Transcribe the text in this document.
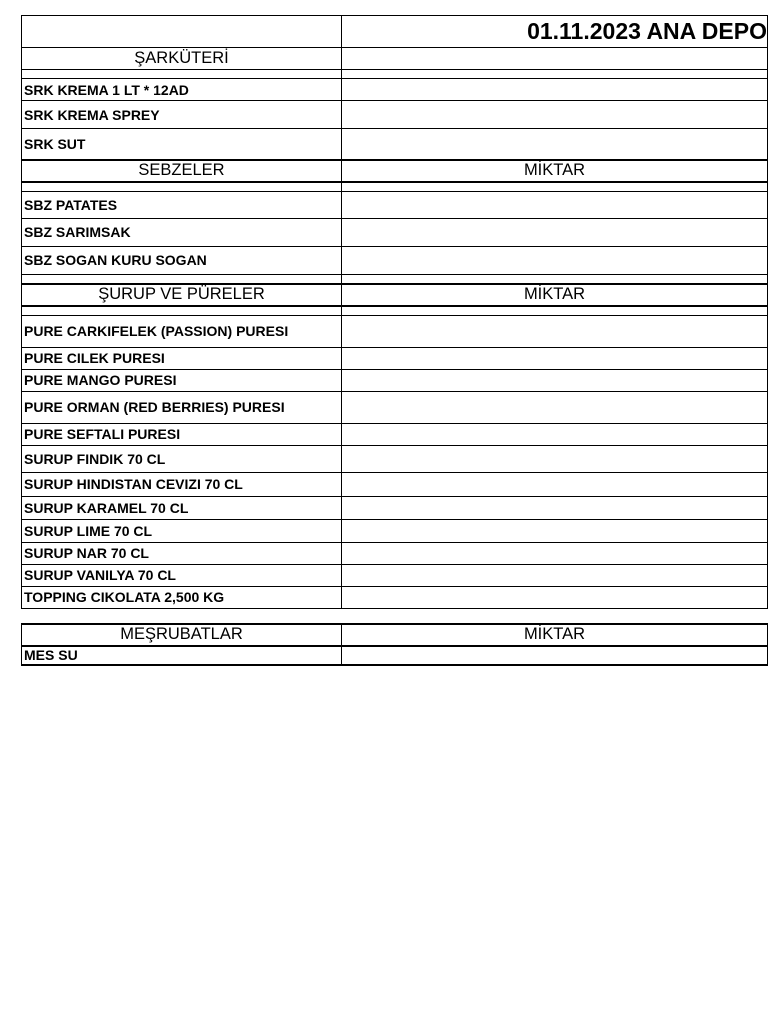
	01.11.2023 ANA DEPO
ŞARKÜTERİ	

SRK KREMA 1 LT * 12AD	
SRK KREMA SPREY	
SRK SUT	
SEBZELER	MİKTAR

SBZ PATATES	
SBZ SARIMSAK	
SBZ SOGAN KURU SOGAN	

ŞURUP VE PÜRELER	MİKTAR

PURE CARKIFELEK (PASSION) PURESI	
PURE CILEK PURESI	
PURE MANGO PURESI	
PURE ORMAN (RED BERRIES) PURESI	
PURE SEFTALI PURESI	
SURUP FINDIK 70 CL	
SURUP HINDISTAN CEVIZI 70 CL	
SURUP KARAMEL 70 CL	
SURUP LIME 70 CL	
SURUP NAR 70 CL	
SURUP VANILYA 70 CL	
TOPPING CIKOLATA 2,500 KG	
MEŞRUBATLAR	MİKTAR
MES SU	
